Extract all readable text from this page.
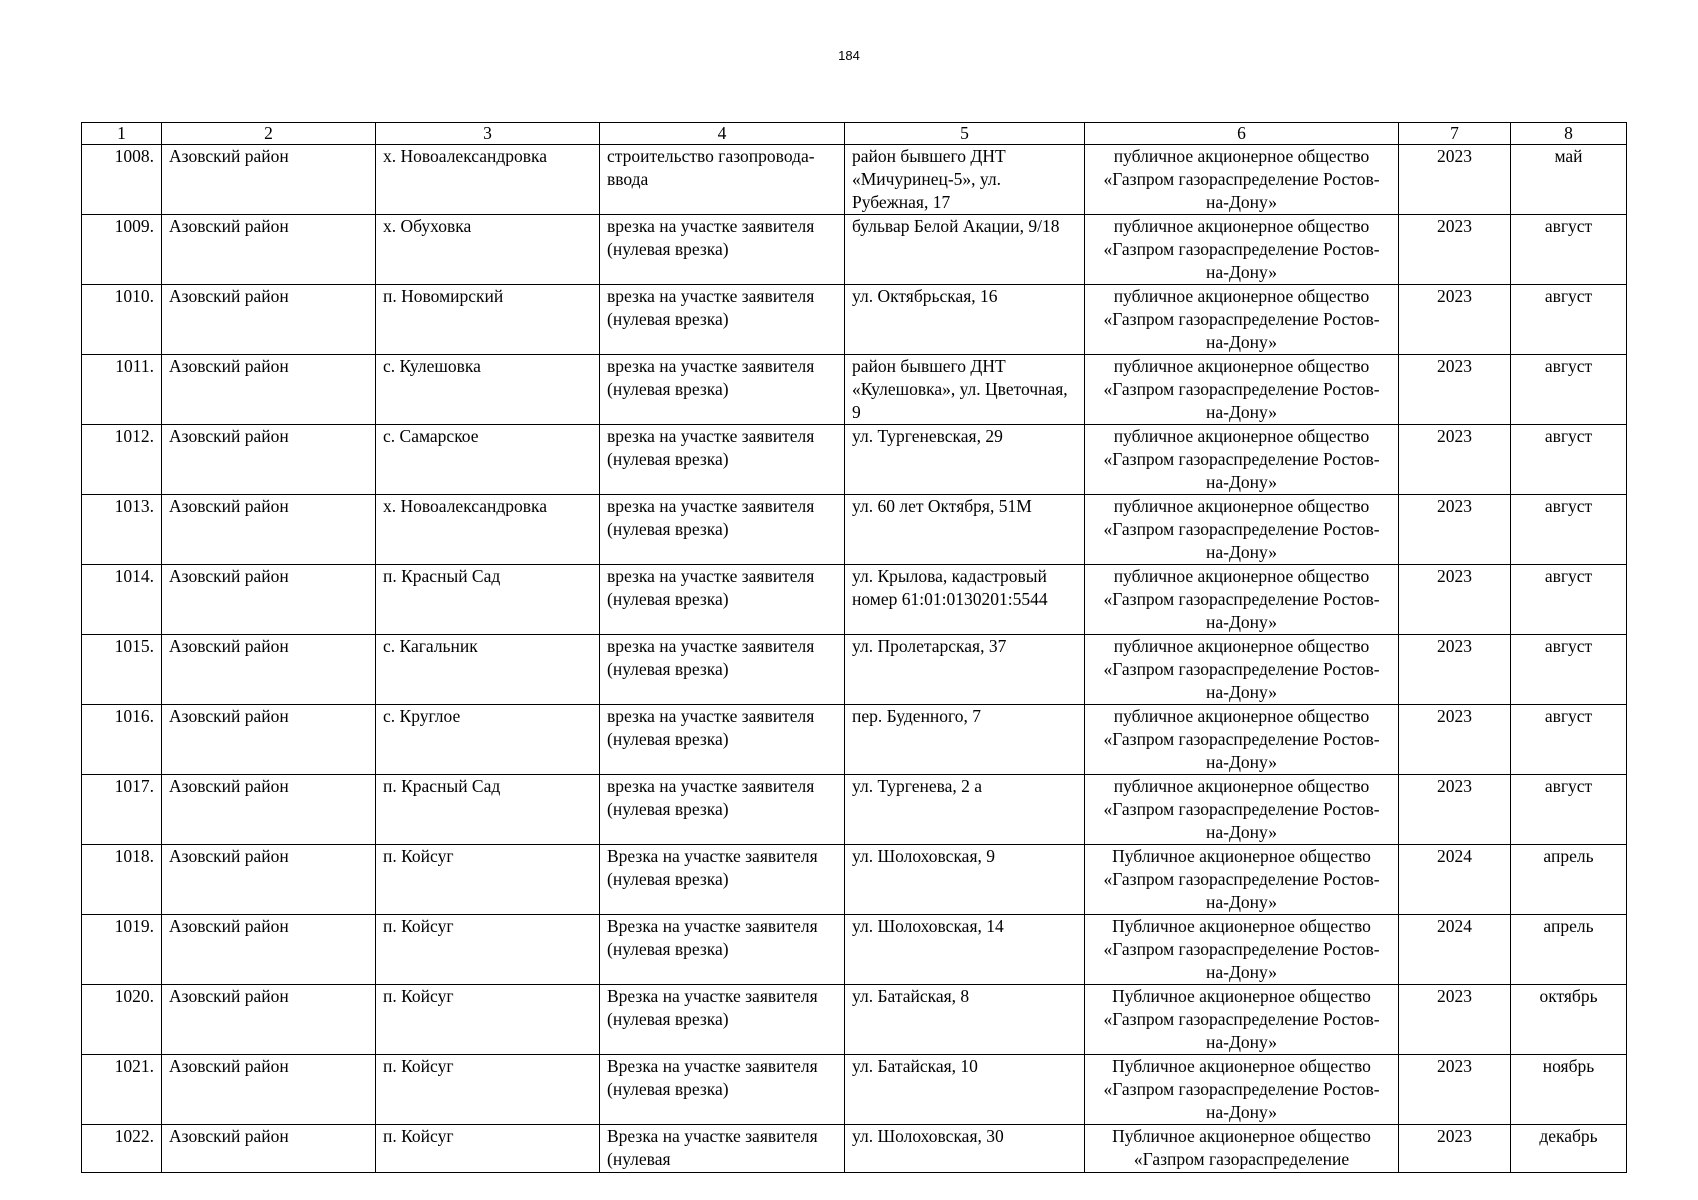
184
1	2	3	4	5	6	7	8
1008.	Азовский район	х. Новоалександровка	строительство газопровода-ввода	район бывшего ДНТ «Мичуринец-5», ул. Рубежная, 17	публичное акционерное общество «Газпром газораспределение Ростов-на-Дону»	2023	май
1009.	Азовский район	х. Обуховка	врезка на участке заявителя (нулевая врезка)	бульвар Белой Акации, 9/18	публичное акционерное общество «Газпром газораспределение Ростов-на-Дону»	2023	август
1010.	Азовский район	п. Новомирский	врезка на участке заявителя (нулевая врезка)	ул. Октябрьская, 16	публичное акционерное общество «Газпром газораспределение Ростов-на-Дону»	2023	август
1011.	Азовский район	с. Кулешовка	врезка на участке заявителя (нулевая врезка)	район бывшего ДНТ «Кулешовка», ул. Цветочная, 9	публичное акционерное общество «Газпром газораспределение Ростов-на-Дону»	2023	август
1012.	Азовский район	с. Самарское	врезка на участке заявителя (нулевая врезка)	ул. Тургеневская, 29	публичное акционерное общество «Газпром газораспределение Ростов-на-Дону»	2023	август
1013.	Азовский район	х. Новоалександровка	врезка на участке заявителя (нулевая врезка)	ул. 60 лет Октября, 51М	публичное акционерное общество «Газпром газораспределение Ростов-на-Дону»	2023	август
1014.	Азовский район	п. Красный Сад	врезка на участке заявителя (нулевая врезка)	ул. Крылова, кадастровый номер 61:01:0130201:5544	публичное акционерное общество «Газпром газораспределение Ростов-на-Дону»	2023	август
1015.	Азовский район	с. Кагальник	врезка на участке заявителя (нулевая врезка)	ул. Пролетарская, 37	публичное акционерное общество «Газпром газораспределение Ростов-на-Дону»	2023	август
1016.	Азовский район	с. Круглое	врезка на участке заявителя (нулевая врезка)	пер. Буденного, 7	публичное акционерное общество «Газпром газораспределение Ростов-на-Дону»	2023	август
1017.	Азовский район	п. Красный Сад	врезка на участке заявителя (нулевая врезка)	ул. Тургенева, 2 а	публичное акционерное общество «Газпром газораспределение Ростов-на-Дону»	2023	август
1018.	Азовский район	п. Койсуг	Врезка на участке заявителя (нулевая врезка)	ул. Шолоховская, 9	Публичное акционерное общество «Газпром газораспределение Ростов-на-Дону»	2024	апрель
1019.	Азовский район	п. Койсуг	Врезка на участке заявителя (нулевая врезка)	ул. Шолоховская, 14	Публичное акционерное общество «Газпром газораспределение Ростов-на-Дону»	2024	апрель
1020.	Азовский район	п. Койсуг	Врезка на участке заявителя (нулевая врезка)	ул. Батайская, 8	Публичное акционерное общество «Газпром газораспределение Ростов-на-Дону»	2023	октябрь
1021.	Азовский район	п. Койсуг	Врезка на участке заявителя (нулевая врезка)	ул. Батайская, 10	Публичное акционерное общество «Газпром газораспределение Ростов-на-Дону»	2023	ноябрь
1022.	Азовский район	п. Койсуг	Врезка на участке заявителя (нулевая	ул. Шолоховская, 30	Публичное акционерное общество «Газпром газораспределение	2023	декабрь
